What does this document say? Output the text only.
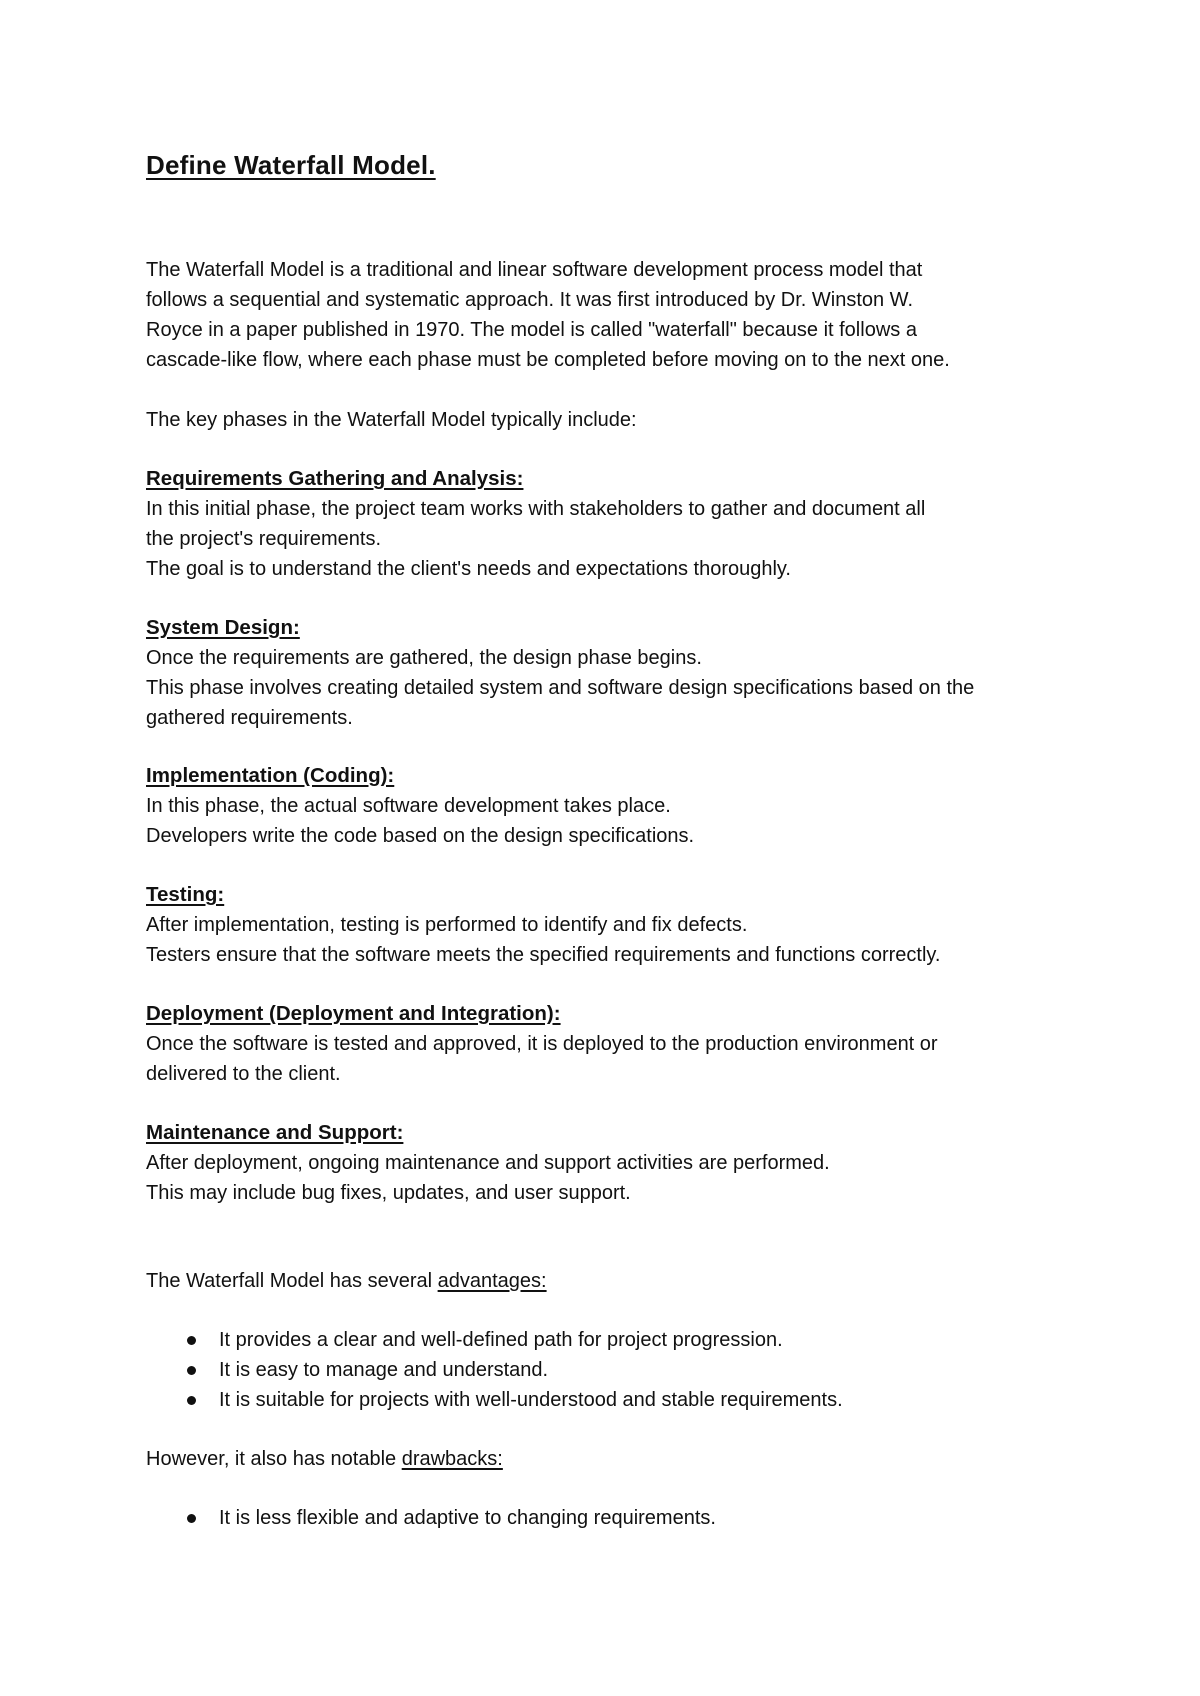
Define Waterfall Model.
The Waterfall Model is a traditional and linear software development process model that
follows a sequential and systematic approach. It was first introduced by Dr. Winston W.
Royce in a paper published in 1970. The model is called "waterfall" because it follows a
cascade-like flow, where each phase must be completed before moving on to the next one.
The key phases in the Waterfall Model typically include:
Requirements Gathering and Analysis:
In this initial phase, the project team works with stakeholders to gather and document all
the project's requirements.
The goal is to understand the client's needs and expectations thoroughly.
System Design:
Once the requirements are gathered, the design phase begins.
This phase involves creating detailed system and software design specifications based on the
gathered requirements.
Implementation (Coding):
In this phase, the actual software development takes place.
Developers write the code based on the design specifications.
Testing:
After implementation, testing is performed to identify and fix defects.
Testers ensure that the software meets the specified requirements and functions correctly.
Deployment (Deployment and Integration):
Once the software is tested and approved, it is deployed to the production environment or
delivered to the client.
Maintenance and Support:
After deployment, ongoing maintenance and support activities are performed.
This may include bug fixes, updates, and user support.
The Waterfall Model has several advantages:
It provides a clear and well-defined path for project progression.
It is easy to manage and understand.
It is suitable for projects with well-understood and stable requirements.
However, it also has notable drawbacks:
It is less flexible and adaptive to changing requirements.
